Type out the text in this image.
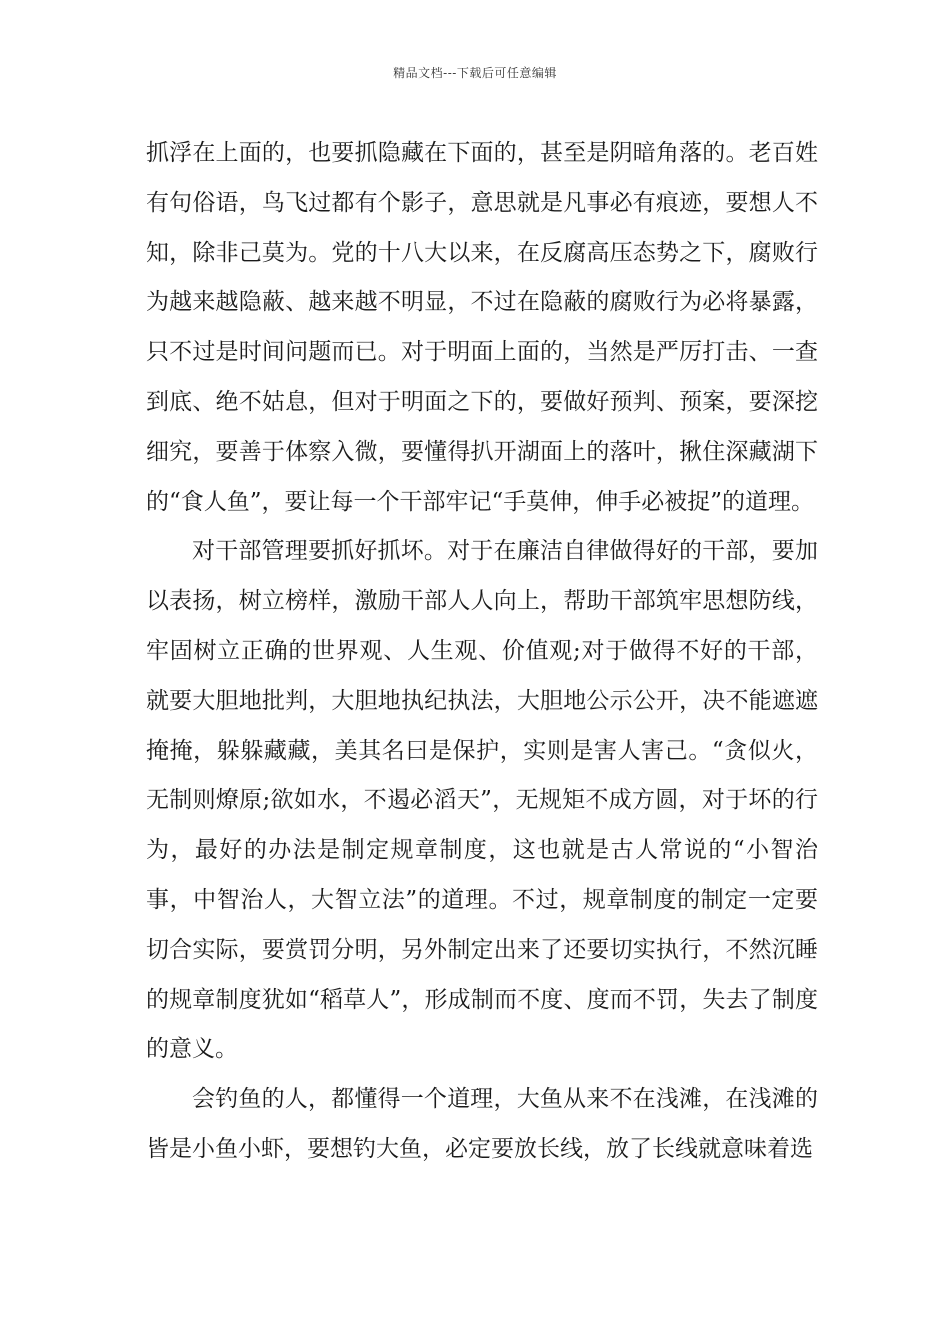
精品文档---下载后可任意编辑

抓浮在上面的，也要抓隐藏在下面的，甚至是阴暗角落的。老百姓有句俗语，鸟飞过都有个影子，意思就是凡事必有痕迹，要想人不知，除非己莫为。党的十八大以来，在反腐高压态势之下，腐败行为越来越隐蔽、越来越不明显，不过在隐蔽的腐败行为必将暴露，只不过是时间问题而已。对于明面上面的，当然是严厉打击、一查到底、绝不姑息，但对于明面之下的，要做好预判、预案，要深挖细究，要善于体察入微，要懂得扒开湖面上的落叶，揪住深藏湖下的“食人鱼”，要让每一个干部牢记“手莫伸，伸手必被捉”的道理。

对干部管理要抓好抓坏。对于在廉洁自律做得好的干部，要加以表扬，树立榜样，激励干部人人向上，帮助干部筑牢思想防线，牢固树立正确的世界观、人生观、价值观;对于做得不好的干部，就要大胆地批判，大胆地执纪执法，大胆地公示公开，决不能遮遮掩掩，躲躲藏藏，美其名曰是保护，实则是害人害己。“贪似火，无制则燎原;欲如水，不遏必滔天”，无规矩不成方圆，对于坏的行为，最好的办法是制定规章制度，这也就是古人常说的“小智治事，中智治人，大智立法”的道理。不过，规章制度的制定一定要切合实际，要赏罚分明，另外制定出来了还要切实执行，不然沉睡的规章制度犹如“稻草人”，形成制而不度、度而不罚，失去了制度的意义。

会钓鱼的人，都懂得一个道理，大鱼从来不在浅滩，在浅滩的皆是小鱼小虾，要想钓大鱼，必定要放长线，放了长线就意味着选
